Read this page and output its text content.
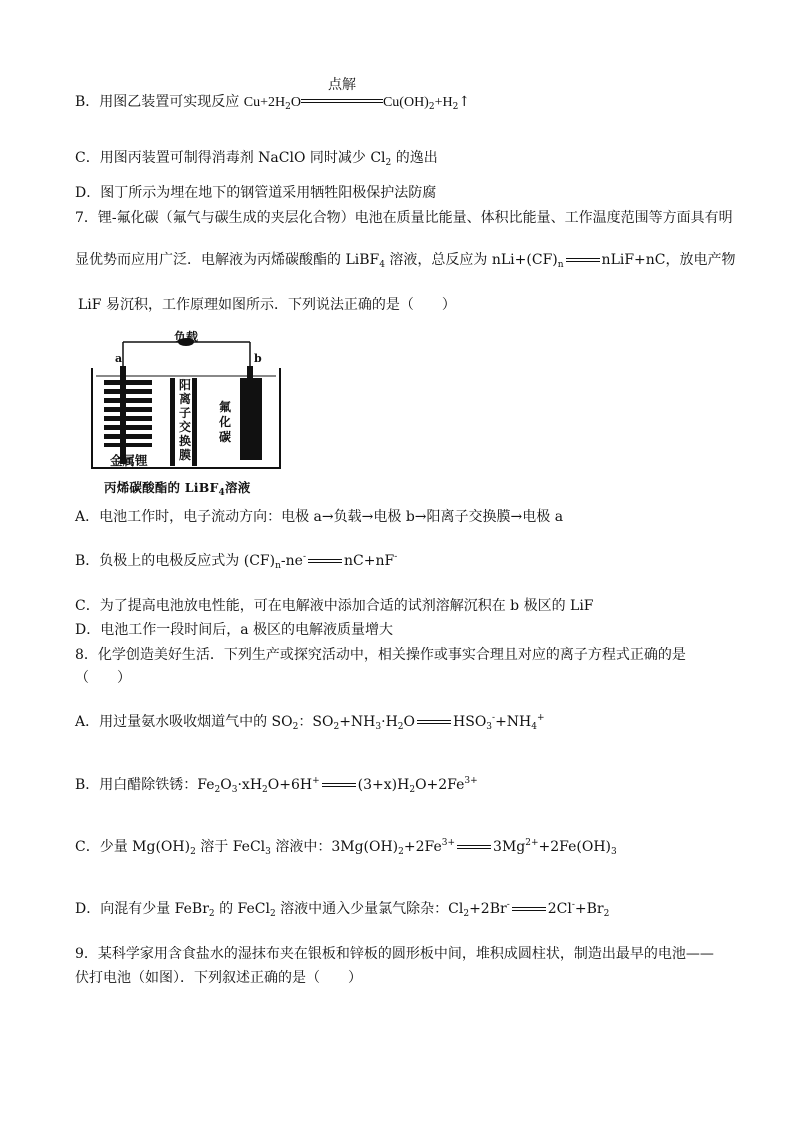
B．用图乙装置可实现反应 $Cu+2H_2O$
点解
$Cu(OH)_2+H_2↑$
C．用图丙装置可制得消毒剂 NaClO 同时减少 $Cl_2$ 的逸出
D．图丁所示为埋在地下的钢管道采用牺牲阳极保护法防腐
7．锂-氟化碳（氟气与碳生成的夹层化合物）电池在质量比能量、体积比能量、工作温度范围等方面具有明
显优势而应用广泛．电解液为丙烯碳酸酯的 LiBF$_4$ 溶液，总反应为 $nLi+(CF)_n$	nLiF+nC，放电产物
LiF 易沉积，工作原理如图所示．下列说法正确的是（　　）
负载
a	b
阳
离
子
交
换
膜
氟
化
碳
金属锂
丙烯碳酸酯的 LiBF$_4$溶液
A．电池工作时，电子流动方向：电极 a→负载→电极 b→阳离子交换膜→电极 a
B．负极上的电极反应式为 $(CF)_n-ne^-$	nC+nF-
C．为了提高电池放电性能，可在电解液中添加合适的试剂溶解沉积在 b 极区的 LiF
D．电池工作一段时间后，a 极区的电解液质量增大
8．化学创造美好生活．下列生产或探究活动中，相关操作或事实合理且对应的离子方程式正确的是
（　　）
A．用过量氨水吸收烟道气中的 $SO_2$：$SO_2+NH_3\cdot H_2O$	$HSO_3^-+NH_4^+$
B．用白醋除铁锈：$Fe_2O_3\cdot xH_2O+6H^+$	$(3+x)H_2O+2Fe^{3+}$
C．少量 $Mg(OH)_2$ 溶于 FeCl$_3$ 溶液中：$3Mg(OH)_2+2Fe^{3+}$	$3Mg^{2+}+2Fe(OH)_3$
D．向混有少量 FeBr$_2$ 的 FeCl$_2$ 溶液中通入少量氯气除杂：$Cl_2+2Br^-$	$2Cl^-+Br_2$
9．某科学家用含食盐水的湿抹布夹在银板和锌板的圆形板中间，堆积成圆柱状，制造出最早的电池——
伏打电池（如图）．下列叙述正确的是（　　）
